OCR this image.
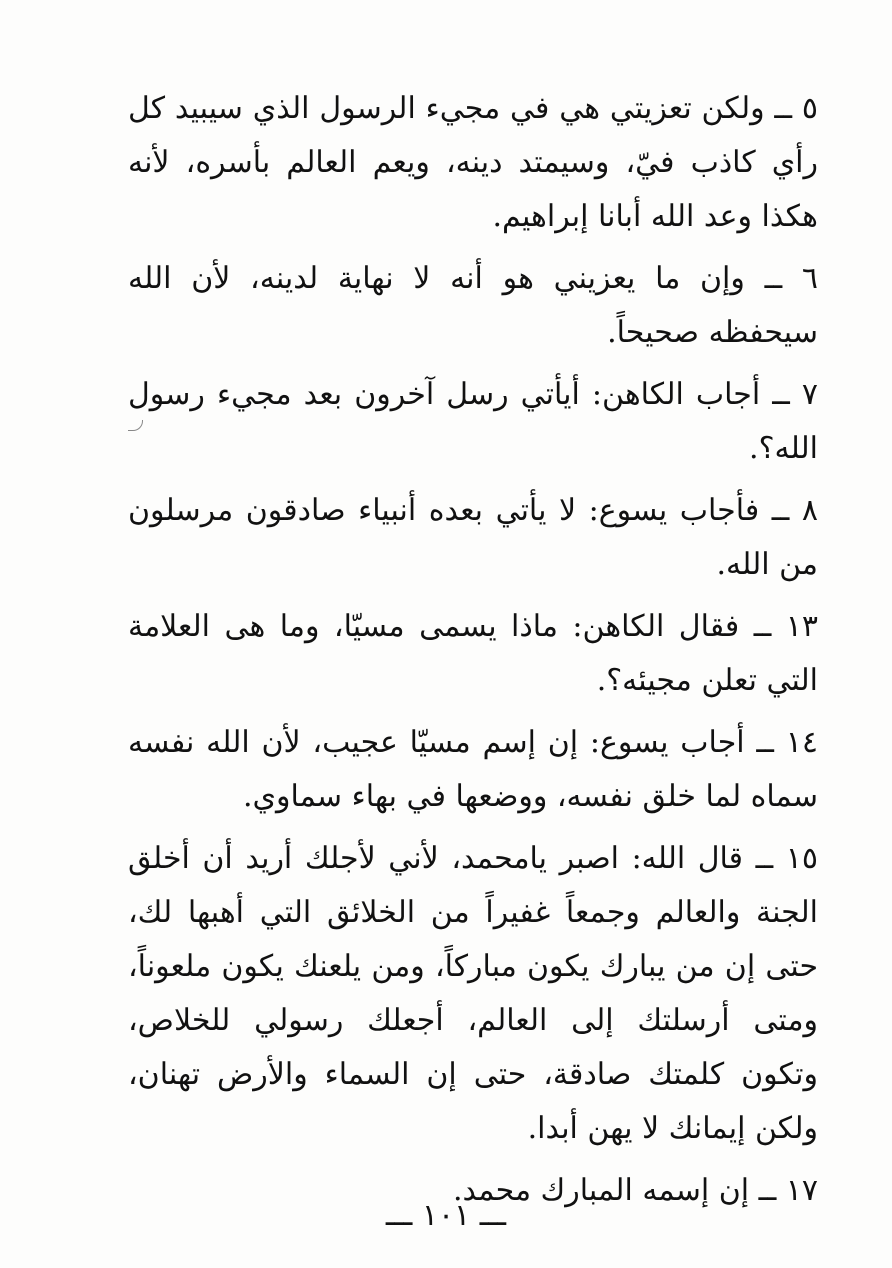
٥ ــ ولكن تعزيتي هي في مجيء الرسول الذي سيبيد كل رأي كاذب فيّ، وسيمتد دينه، ويعم العالم بأسره، لأنه هكذا وعد الله أبانا إبراهيم.

٦ ــ وإن ما يعزيني هو أنه لا نهاية لدينه، لأن الله سيحفظه صحيحاً.

٧ ــ أجاب الكاهن: أيأتي رسل آخرون بعد مجيء رسول الله؟.

٨ ــ فأجاب يسوع: لا يأتي بعده أنبياء صادقون مرسلون من الله.

١٣ ــ فقال الكاهن: ماذا يسمى مسيّا، وما هى العلامة التي تعلن مجيئه؟.

١٤ ــ أجاب يسوع: إن إسم مسيّا عجيب، لأن الله نفسه سماه لما خلق نفسه، ووضعها في بهاء سماوي.

١٥ ــ قال الله: اصبر يامحمد، لأني لأجلك أريد أن أخلق الجنة والعالم وجمعاً غفيراً من الخلائق التي أهبها لك، حتى إن من يبارك يكون مباركاً، ومن يلعنك يكون ملعوناً، ومتى أرسلتك إلى العالم، أجعلك رسولي للخلاص، وتكون كلمتك صادقة، حتى إن السماء والأرض تهنان، ولكن إيمانك لا يهن أبدا.

١٧ ــ إن إسمه المبارك محمد.

ـــ ١٠١ ـــ
